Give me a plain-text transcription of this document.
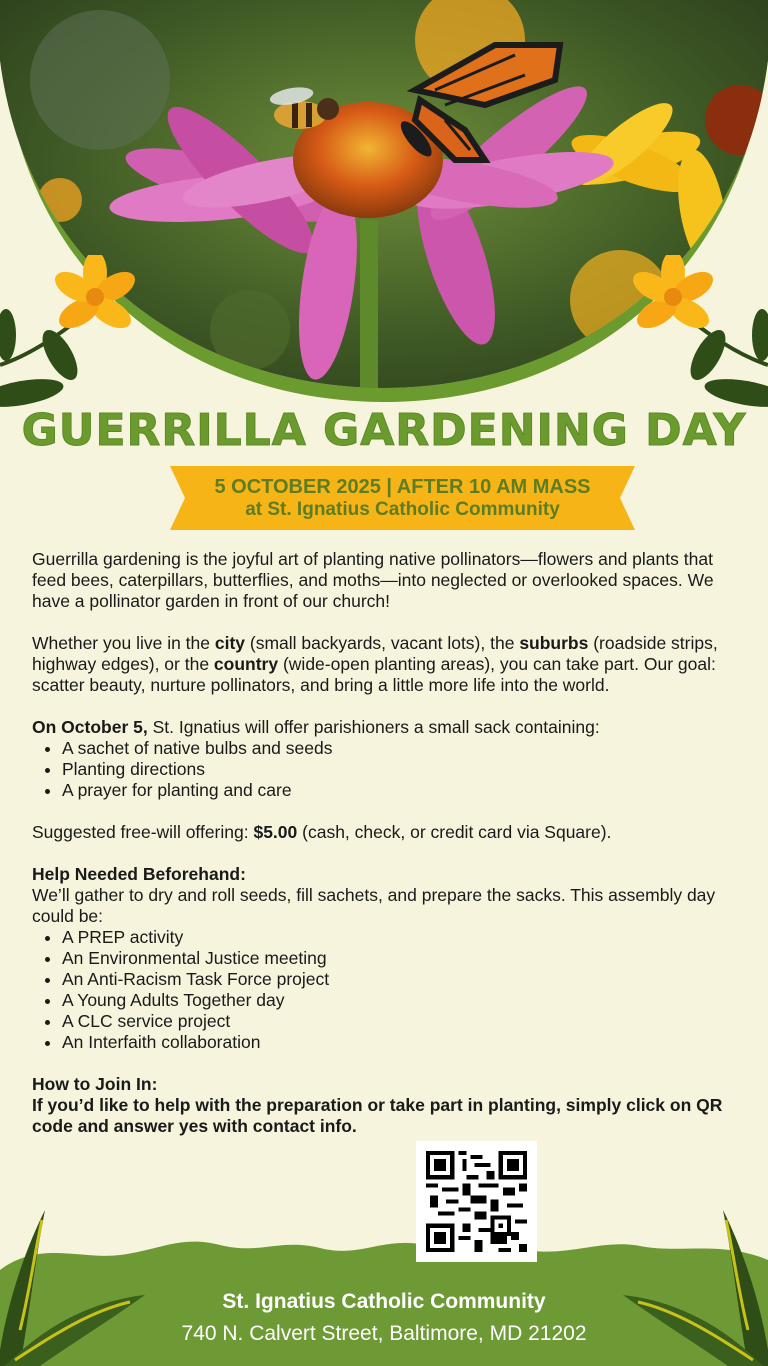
GUERRILLA GARDENING DAY
5 OCTOBER 2025 | AFTER 10 AM MASS
at St. Ignatius Catholic Community

Guerrilla gardening is the joyful art of planting native pollinators—flowers and plants that feed bees, caterpillars, butterflies, and moths—into neglected or overlooked spaces. We have a pollinator garden in front of our church!

Whether you live in the city (small backyards, vacant lots), the suburbs (roadside strips, highway edges), or the country (wide-open planting areas), you can take part. Our goal: scatter beauty, nurture pollinators, and bring a little more life into the world.

On October 5, St. Ignatius will offer parishioners a small sack containing:

• A sachet of native bulbs and seeds
• Planting directions
• A prayer for planting and care

Suggested free-will offering: $5.00 (cash, check, or credit card via Square).

Help Needed Beforehand:

We’ll gather to dry and roll seeds, fill sachets, and prepare the sacks. This assembly day could be:

• A PREP activity
• An Environmental Justice meeting
• An Anti-Racism Task Force project
• A Young Adults Together day
• A CLC service project
• An Interfaith collaboration

How to Join In:

If you’d like to help with the preparation or take part in planting, simply click on QR code and answer yes with contact info.

St. Ignatius Catholic Community
740 N. Calvert Street, Baltimore, MD 21202
